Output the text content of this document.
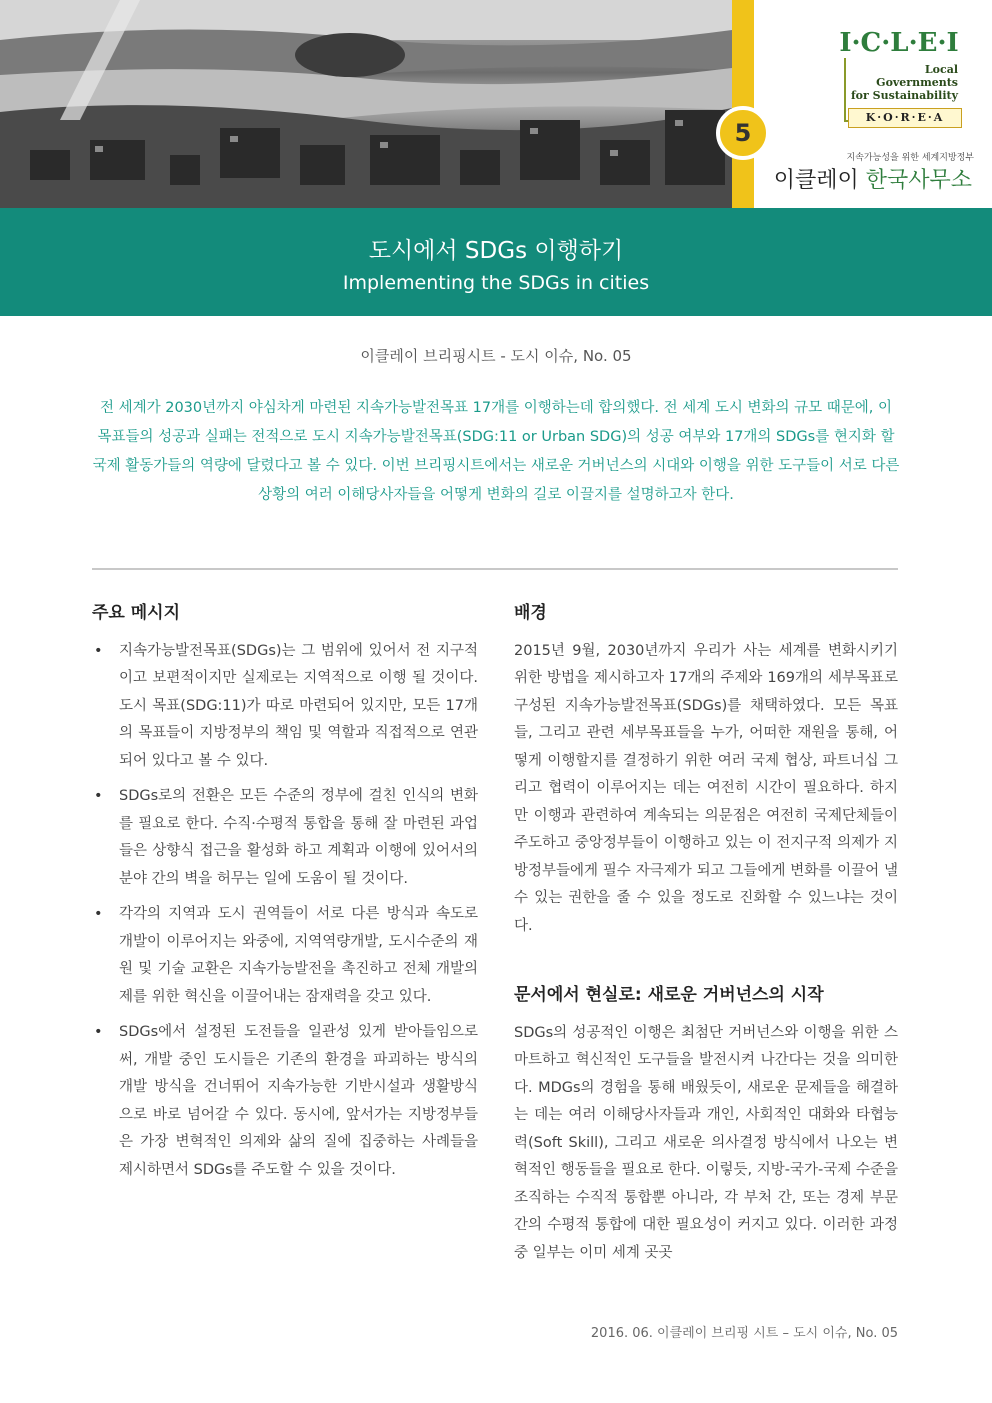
5
I·C·L·E·I
Local
Governments
for Sustainability
K·O·R·E·A
지속가능성을 위한 세계지방정부
이클레이 한국사무소
도시에서 SDGs 이행하기
Implementing the SDGs in cities
이클레이 브리핑시트 - 도시 이슈, No. 05
전 세계가 2030년까지 야심차게 마련된 지속가능발전목표 17개를 이행하는데 합의했다. 전 세계 도시 변화의 규모 때문에, 이 목표들의 성공과 실패는 전적으로 도시 지속가능발전목표(SDG:11 or Urban SDG)의 성공 여부와 17개의 SDGs를 현지화 할 국제 활동가들의 역량에 달렸다고 볼 수 있다. 이번 브리핑시트에서는 새로운 거버넌스의 시대와 이행을 위한 도구들이 서로 다른 상황의 여러 이해당사자들을 어떻게 변화의 길로 이끌지를 설명하고자 한다.
주요 메시지
• 지속가능발전목표(SDGs)는 그 범위에 있어서 전 지구적이고 보편적이지만 실제로는 지역적으로 이행 될 것이다. 도시 목표(SDG:11)가 따로 마련되어 있지만, 모든 17개의 목표들이 지방정부의 책임 및 역할과 직접적으로 연관되어 있다고 볼 수 있다.
• SDGs로의 전환은 모든 수준의 정부에 걸친 인식의 변화를 필요로 한다. 수직·수평적 통합을 통해 잘 마련된 과업들은 상향식 접근을 활성화 하고 계획과 이행에 있어서의 분야 간의 벽을 허무는 일에 도움이 될 것이다.
• 각각의 지역과 도시 권역들이 서로 다른 방식과 속도로 개발이 이루어지는 와중에, 지역역량개발, 도시수준의 재원 및 기술 교환은 지속가능발전을 촉진하고 전체 개발의제를 위한 혁신을 이끌어내는 잠재력을 갖고 있다.
• SDGs에서 설정된 도전들을 일관성 있게 받아들임으로써, 개발 중인 도시들은 기존의 환경을 파괴하는 방식의 개발 방식을 건너뛰어 지속가능한 기반시설과 생활방식으로 바로 넘어갈 수 있다. 동시에, 앞서가는 지방정부들은 가장 변혁적인 의제와 삶의 질에 집중하는 사례들을 제시하면서 SDGs를 주도할 수 있을 것이다.
배경

2015년 9월, 2030년까지 우리가 사는 세계를 변화시키기 위한 방법을 제시하고자 17개의 주제와 169개의 세부목표로 구성된 지속가능발전목표(SDGs)를 채택하였다. 모든 목표들, 그리고 관련 세부목표들을 누가, 어떠한 재원을 통해, 어떻게 이행할지를 결정하기 위한 여러 국제 협상, 파트너십 그리고 협력이 이루어지는 데는 여전히 시간이 필요하다. 하지만 이행과 관련하여 계속되는 의문점은 여전히 국제단체들이 주도하고 중앙정부들이 이행하고 있는 이 전지구적 의제가 지방정부들에게 필수 자극제가 되고 그들에게 변화를 이끌어 낼 수 있는 권한을 줄 수 있을 정도로 진화할 수 있느냐는 것이다.

문서에서 현실로: 새로운 거버넌스의 시작

SDGs의 성공적인 이행은 최첨단 거버넌스와 이행을 위한 스마트하고 혁신적인 도구들을 발전시켜 나간다는 것을 의미한다. MDGs의 경험을 통해 배웠듯이, 새로운 문제들을 해결하는 데는 여러 이해당사자들과 개인, 사회적인 대화와 타협능력(Soft Skill), 그리고 새로운 의사결정 방식에서 나오는 변혁적인 행동들을 필요로 한다. 이렇듯, 지방-국가-국제 수준을 조직하는 수직적 통합뿐 아니라, 각 부처 간, 또는 경제 부문 간의 수평적 통합에 대한 필요성이 커지고 있다. 이러한 과정 중 일부는 이미 세계 곳곳

2016. 06. 이클레이 브리핑 시트 – 도시 이슈, No. 05
